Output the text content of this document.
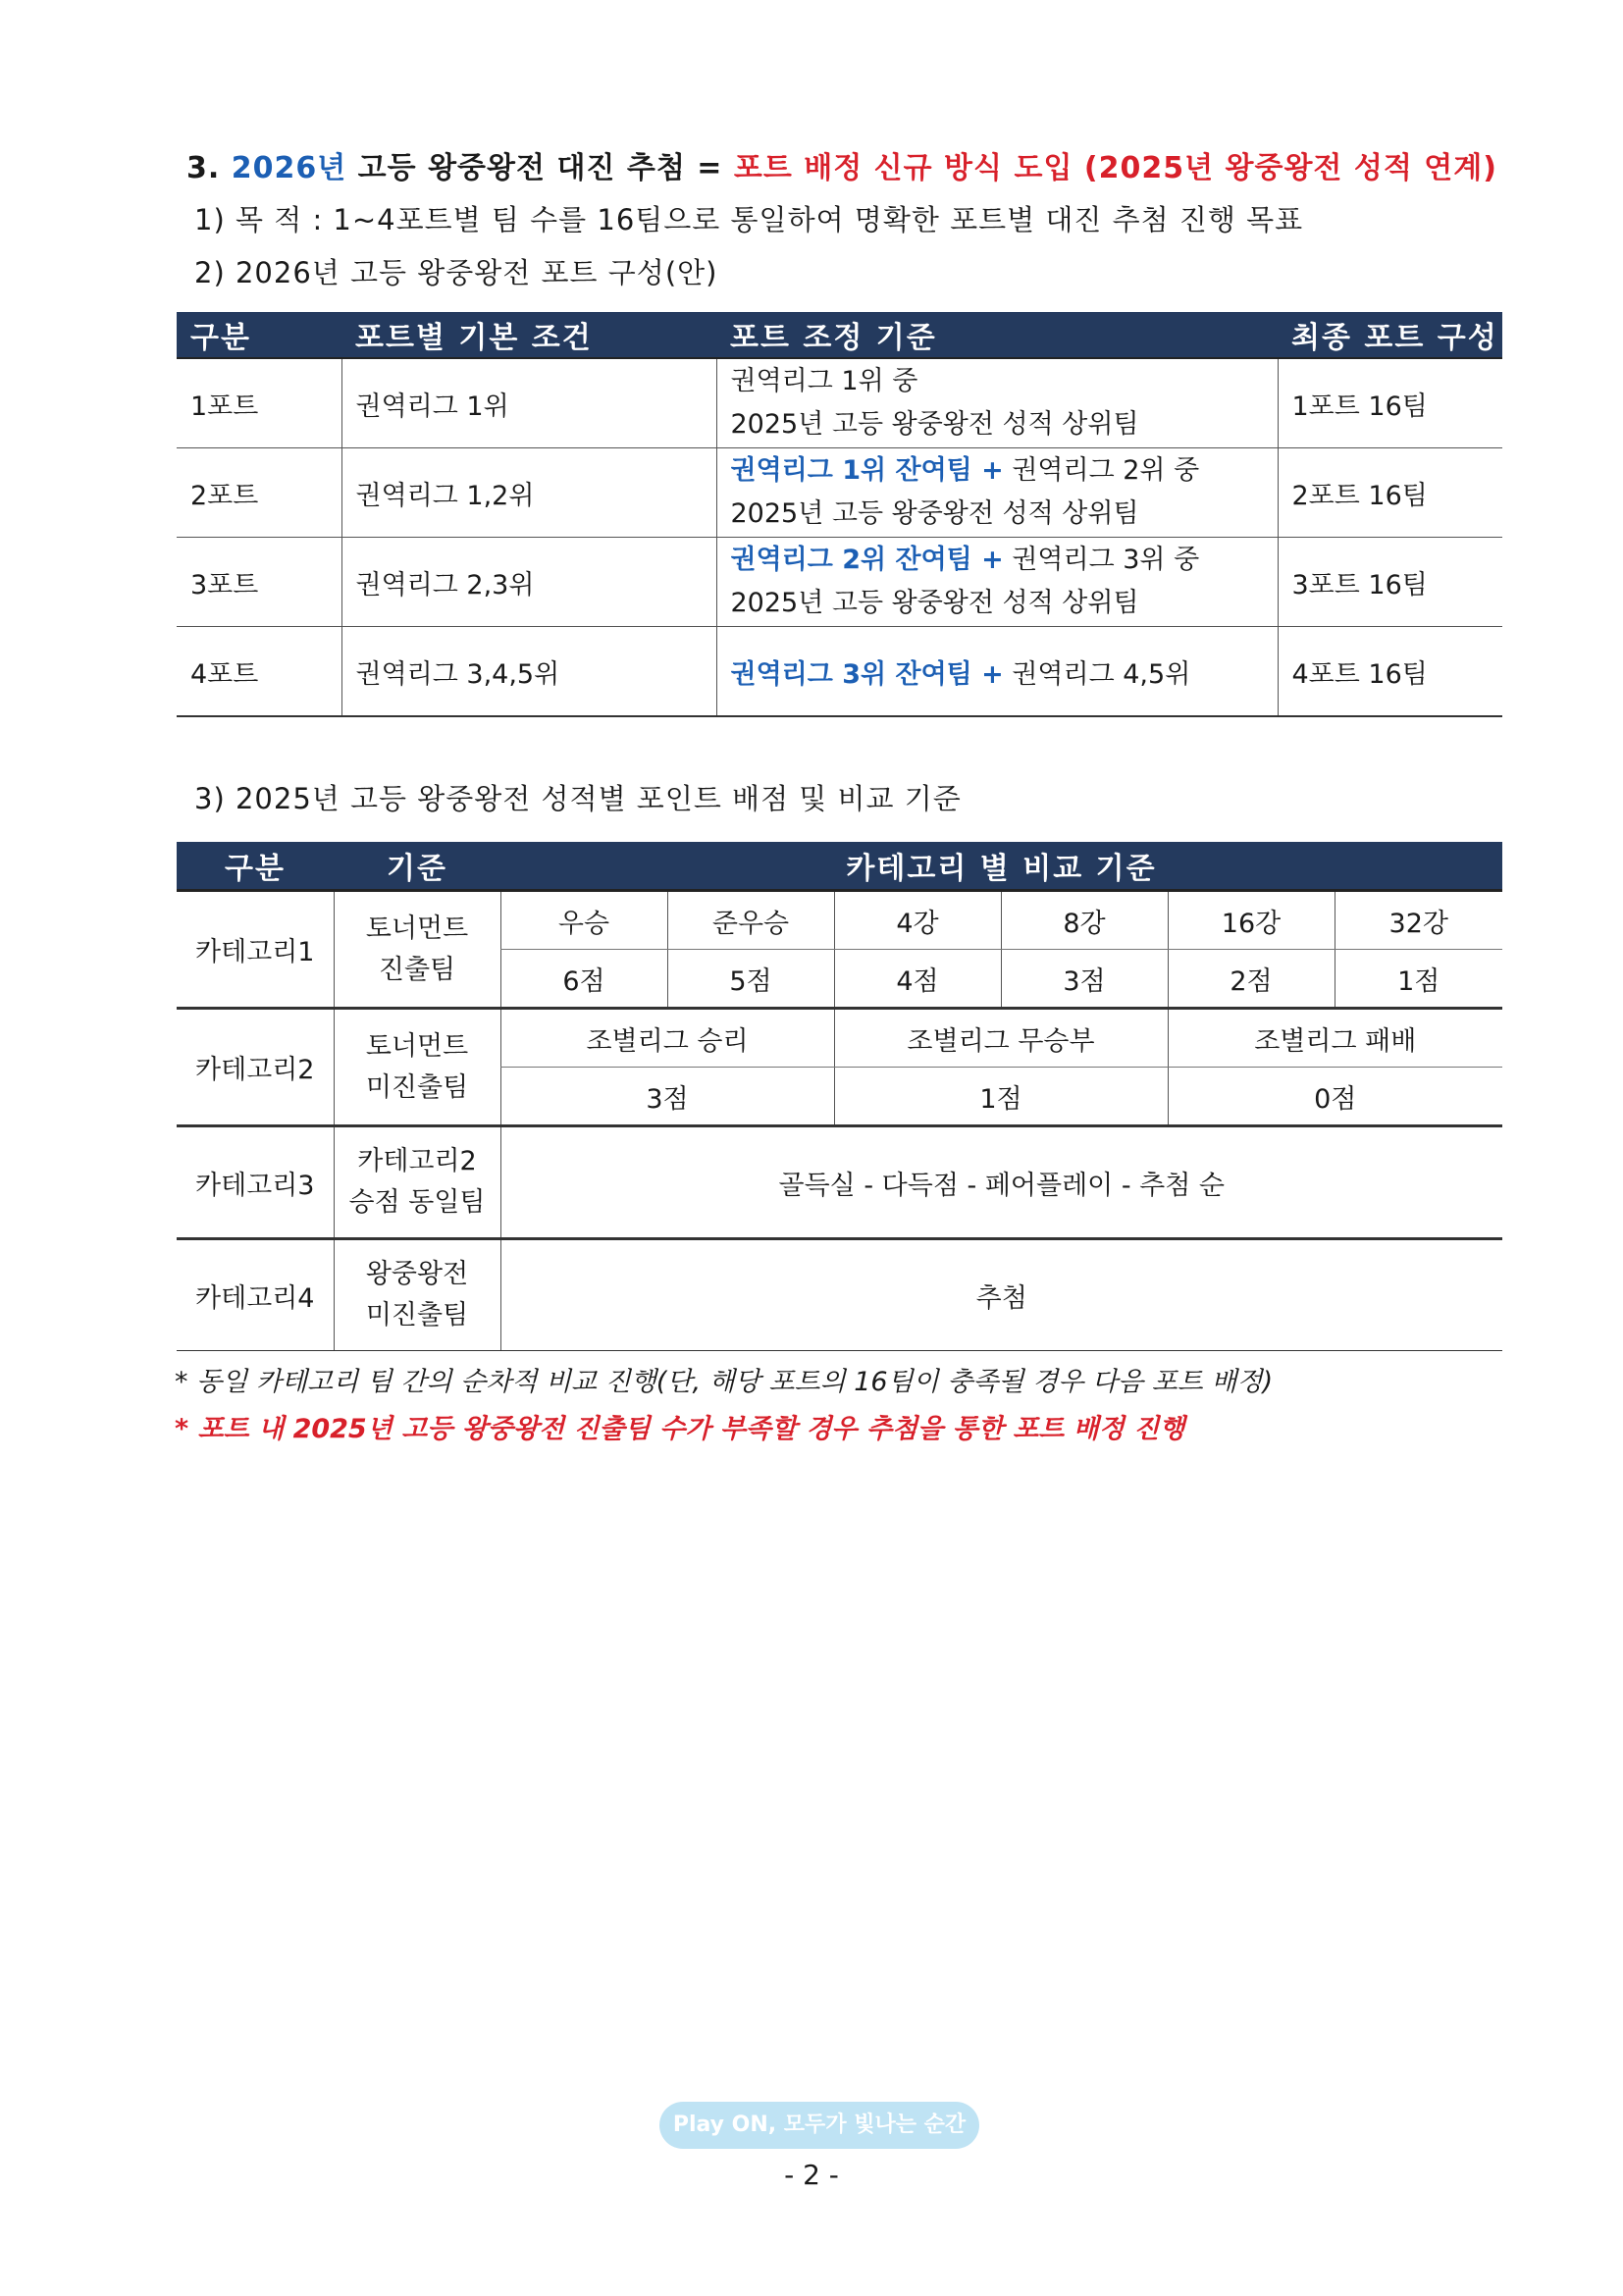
3. 2026년 고등 왕중왕전 대진 추첨 = 포트 배정 신규 방식 도입 (2025년 왕중왕전 성적 연계)
1) 목 적 : 1~4포트별 팀 수를 16팀으로 통일하여 명확한 포트별 대진 추첨 진행 목표
2) 2026년 고등 왕중왕전 포트 구성(안)
구분	포트별 기본 조건	포트 조정 기준	최종 포트 구성
1포트	권역리그 1위	권역리그 1위 중
2025년 고등 왕중왕전 성적 상위팀	1포트 16팀
2포트	권역리그 1,2위	권역리그 1위 잔여팀 + 권역리그 2위 중
2025년 고등 왕중왕전 성적 상위팀	2포트 16팀
3포트	권역리그 2,3위	권역리그 2위 잔여팀 + 권역리그 3위 중
2025년 고등 왕중왕전 성적 상위팀	3포트 16팀
4포트	권역리그 3,4,5위	권역리그 3위 잔여팀 + 권역리그 4,5위	4포트 16팀
3) 2025년 고등 왕중왕전 성적별 포인트 배점 및 비교 기준
구분	기준	카테고리 별 비교 기준					
카테고리1	토너먼트
진출팀	우승	준우승	4강	8강	16강	32강
		6점	5점	4점	3점	2점	1점
카테고리2	토너먼트
미진출팀	조별리그 승리		조별리그 무승부		조별리그 패배	
		3점		1점		0점	
카테고리3	카테고리2
승점 동일팀	골득실 - 다득점 - 페어플레이 - 추첨 순					
카테고리4	왕중왕전
미진출팀	추첨					
* 동일 카테고리 팀 간의 순차적 비교 진행(단, 해당 포트의 16팀이 충족될 경우 다음 포트 배정)
* 포트 내 2025년 고등 왕중왕전 진출팀 수가 부족할 경우 추첨을 통한 포트 배정 진행
Play ON, 모두가 빛나는 순간
- 2 -
